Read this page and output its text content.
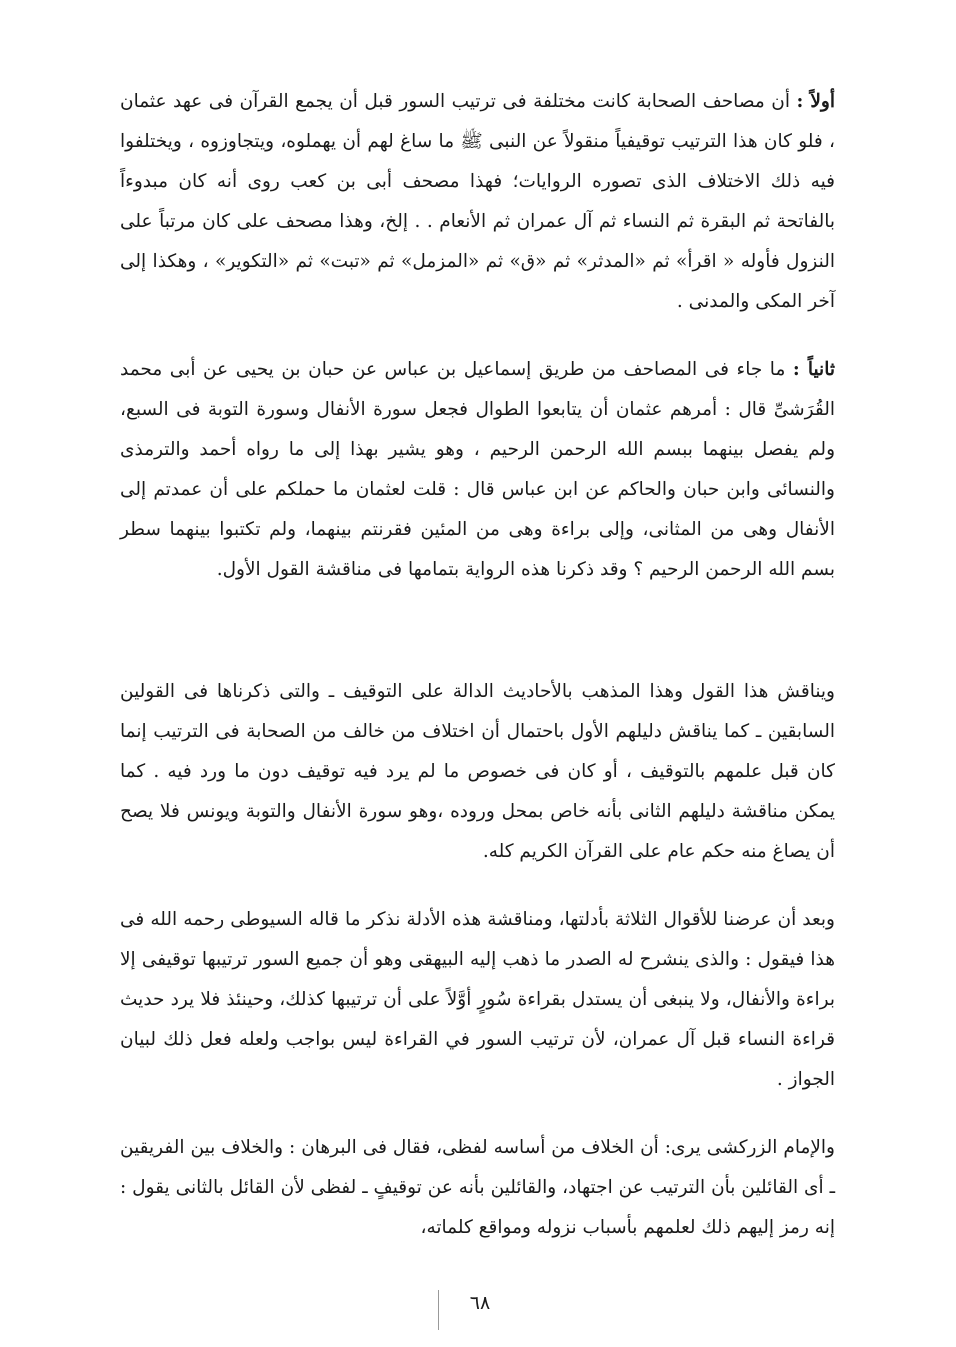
أولاً : أن مصاحف الصحابة كانت مختلفة فى ترتيب السور قبل أن يجمع القرآن فى عهد عثمان ، فلو كان هذا الترتيب توقيفياً منقولاً عن النبى ﷺ ما ساغ لهم أن يهملوه، ويتجاوزوه ، ويختلفوا فيه ذلك الاختلاف الذى تصوره الروايات؛ فهذا مصحف أبى بن كعب روى أنه كان مبدوءاً بالفاتحة ثم البقرة ثم النساء ثم آل عمران ثم الأنعام . . إلخ، وهذا مصحف على كان مرتباً على النزول فأوله « اقرأ» ثم «المدثر» ثم «ق» ثم «المزمل» ثم «تبت» ثم «التكوير» ، وهكذا إلى آخر المكى والمدنى .

ثانياً : ما جاء فى المصاحف من طريق إسماعيل بن عباس عن حبان بن يحيى عن أبى محمد القُرَشىِّ قال : أمرهم عثمان أن يتابعوا الطوال فجعل سورة الأنفال وسورة التوبة فى السبع، ولم يفصل بينهما ببسم الله الرحمن الرحيم ، وهو يشير بهذا إلى ما رواه أحمد والترمذى والنسائى وابن حبان والحاكم عن ابن عباس قال : قلت لعثمان ما حملكم على أن عمدتم إلى الأنفال وهى من المثانى، وإلى براءة وهى من المئين فقرنتم بينهما، ولم تكتبوا بينهما سطر بسم الله الرحمن الرحيم ؟ وقد ذكرنا هذه الرواية بتمامها فى مناقشة القول الأول.

ويناقش هذا القول وهذا المذهب بالأحاديث الدالة على التوقيف ـ والتى ذكرناها فى القولين السابقين ـ كما يناقش دليلهم الأول باحتمال أن اختلاف من خالف من الصحابة فى الترتيب إنما كان قبل علمهم بالتوقيف ، أو كان فى خصوص ما لم يرد فيه توقيف دون ما ورد فيه . كما يمكن مناقشة دليلهم الثانى بأنه خاص بمحل وروده ،وهو سورة الأنفال والتوبة ويونس فلا يصح أن يصاغ منه حكم عام على القرآن الكريم كله.

وبعد أن عرضنا للأقوال الثلاثة بأدلتها، ومناقشة هذه الأدلة نذكر ما قاله السيوطى رحمه الله فى هذا فيقول : والذى ينشرح له الصدر ما ذهب إليه البيهقى وهو أن جميع السور ترتيبها توقيفى إلا براءة والأنفال، ولا ينبغى أن يستدل بقراءة سُورٍ أوَّلاً على أن ترتيبها كذلك، وحينئذ فلا يرد حديث قراءة النساء قبل آل عمران، لأن ترتيب السور في القراءة ليس بواجب ولعله فعل ذلك لبيان الجواز .

والإمام الزركشى يرى: أن الخلاف من أساسه لفظى، فقال فى البرهان : والخلاف بين الفريقين ـ أى القائلين بأن الترتيب عن اجتهاد، والقائلين بأنه عن توقيفٍ ـ لفظى لأن القائل بالثانى يقول : إنه رمز إليهم ذلك لعلمهم بأسباب نزوله ومواقع كلماته،

٦٨
